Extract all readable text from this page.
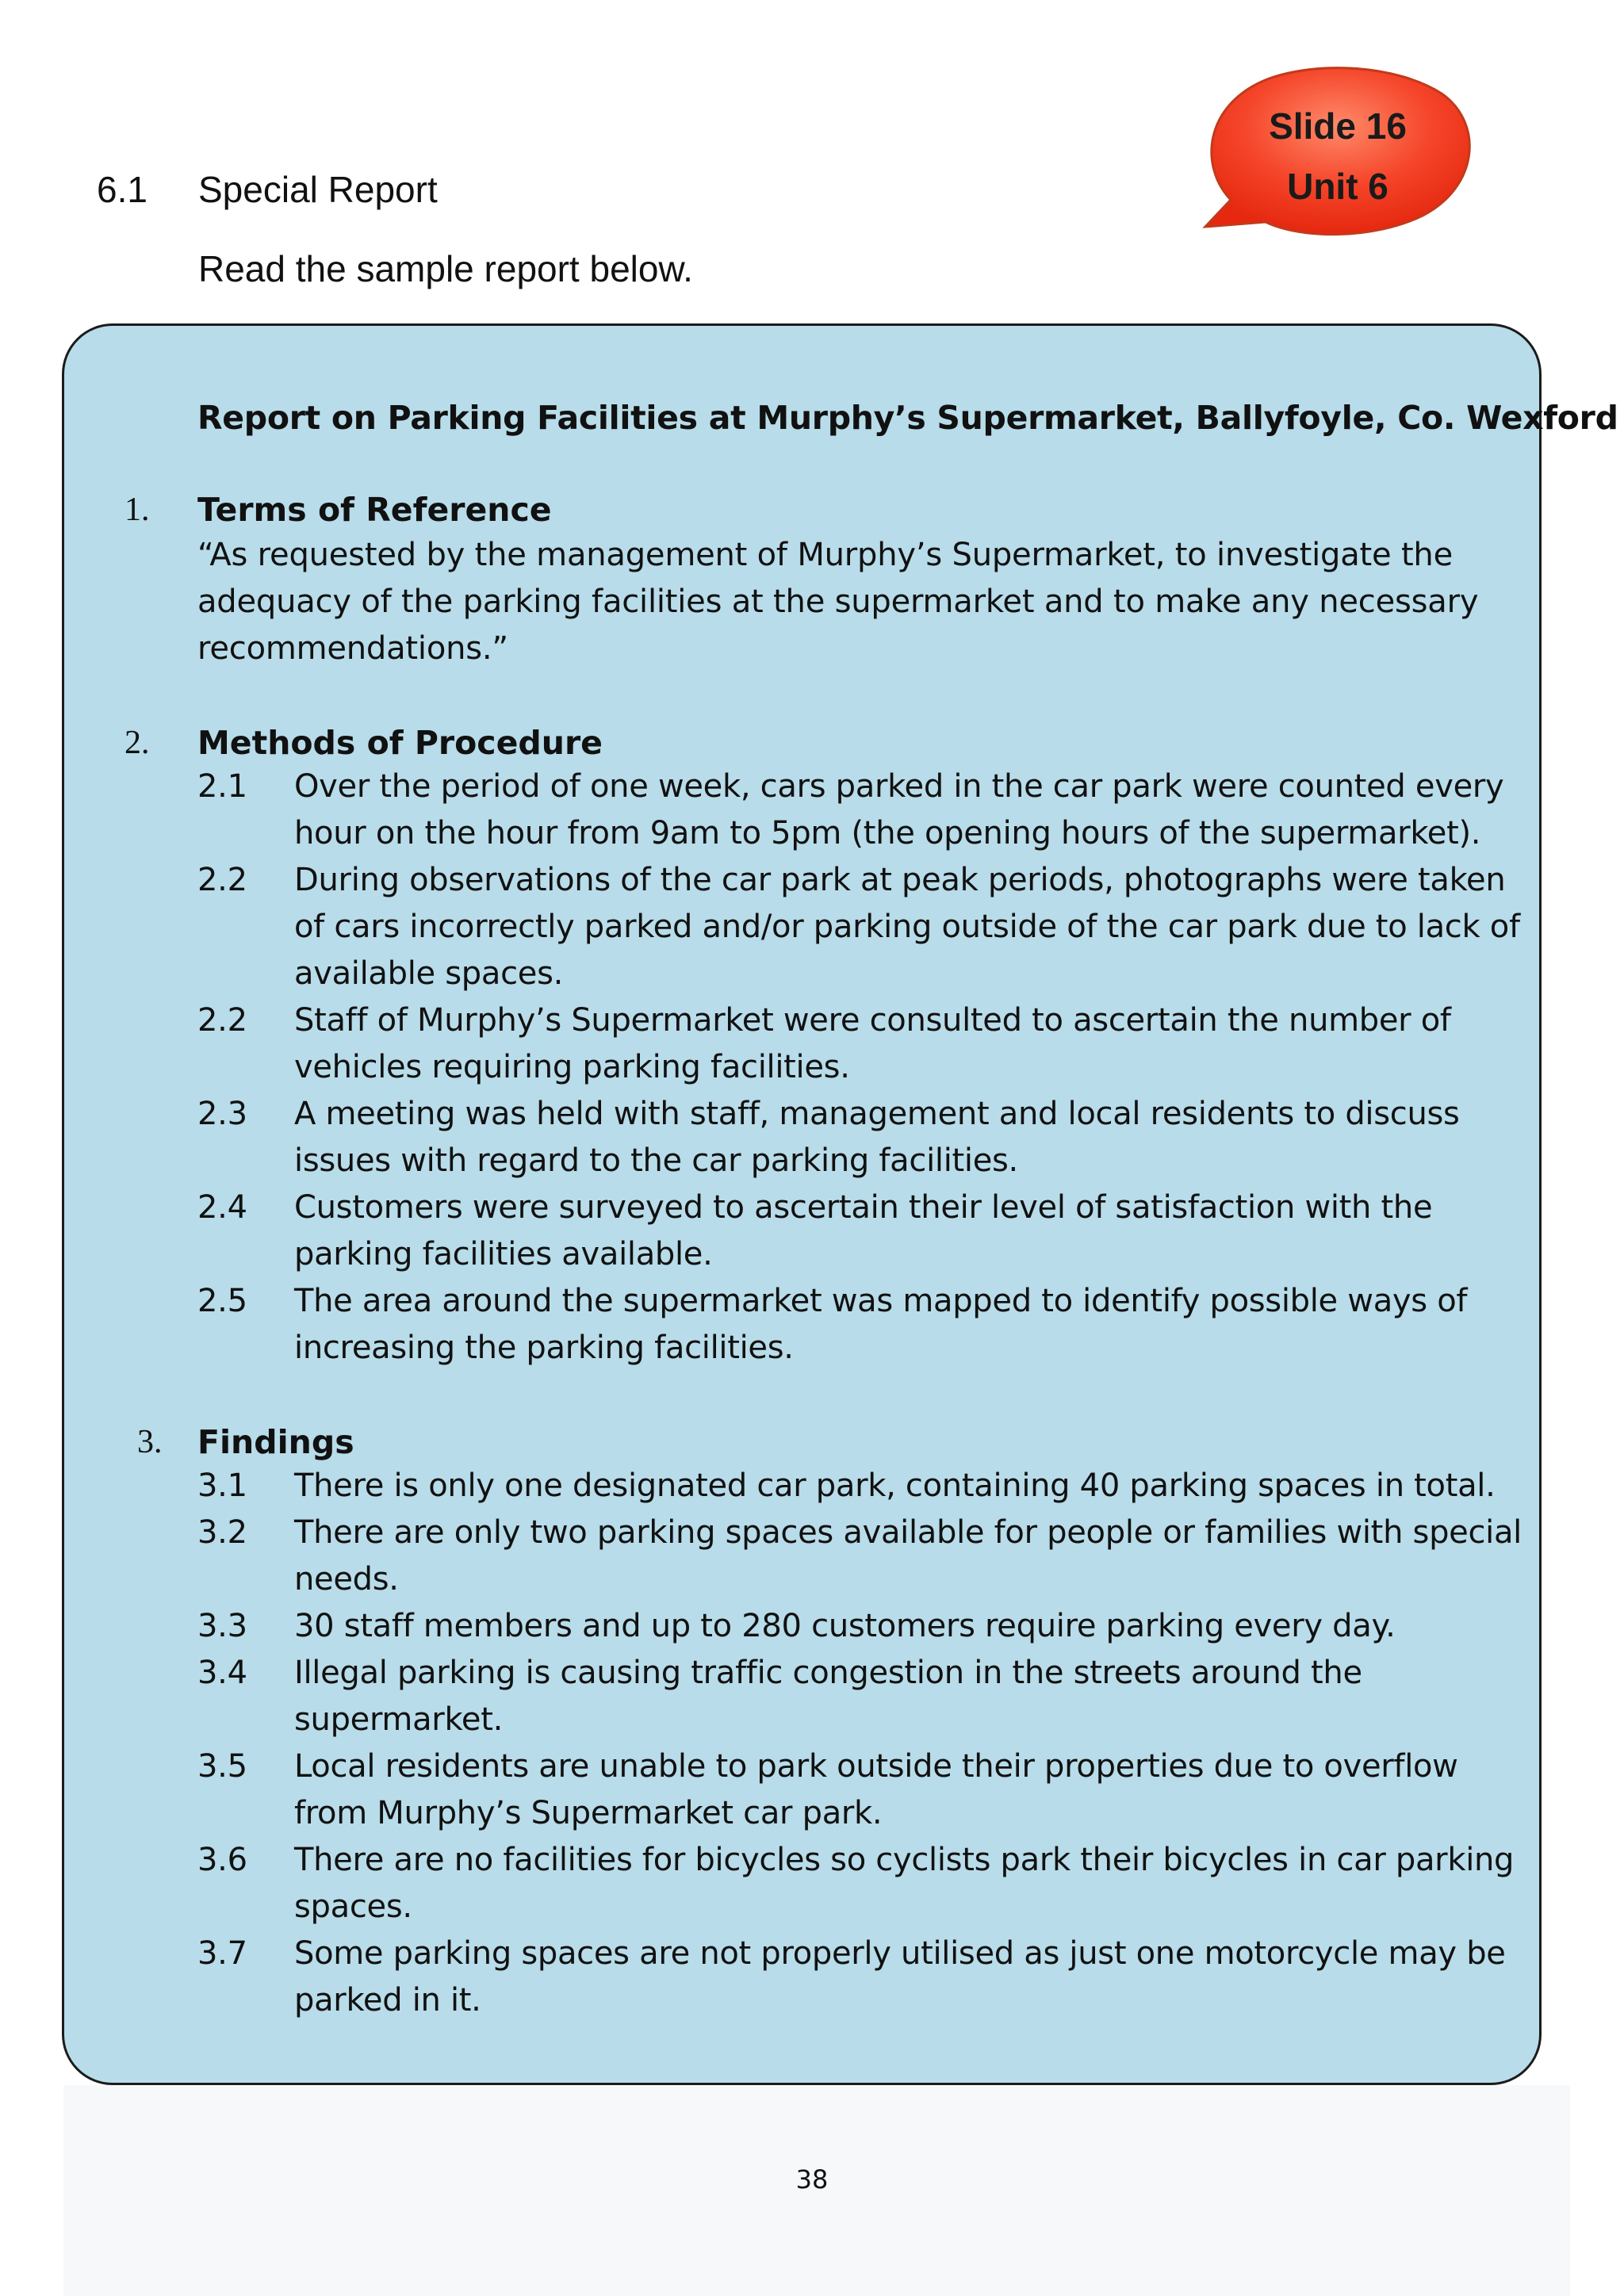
6.1 Special Report
Read the sample report below.
Slide 16
Unit 6
Report on Parking Facilities at Murphy’s Supermarket, Ballyfoyle, Co. Wexford
1. Terms of Reference
“As requested by the management of Murphy’s Supermarket, to investigate the adequacy of the parking facilities at the supermarket and to make any necessary recommendations.”
2. Methods of Procedure
2.1 Over the period of one week, cars parked in the car park were counted every hour on the hour from 9am to 5pm (the opening hours of the supermarket).
2.2 During observations of the car park at peak periods, photographs were taken of cars incorrectly parked and/or parking outside of the car park due to lack of available spaces.
2.2 Staff of Murphy’s Supermarket were consulted to ascertain the number of vehicles requiring parking facilities.
2.3 A meeting was held with staff, management and local residents to discuss issues with regard to the car parking facilities.
2.4 Customers were surveyed to ascertain their level of satisfaction with the parking facilities available.
2.5 The area around the supermarket was mapped to identify possible ways of increasing the parking facilities.
3. Findings
3.1 There is only one designated car park, containing 40 parking spaces in total.
3.2 There are only two parking spaces available for people or families with special needs.
3.3 30 staff members and up to 280 customers require parking every day.
3.4 Illegal parking is causing traffic congestion in the streets around the supermarket.
3.5 Local residents are unable to park outside their properties due to overflow from Murphy’s Supermarket car park.
3.6 There are no facilities for bicycles so cyclists park their bicycles in car parking spaces.
3.7 Some parking spaces are not properly utilised as just one motorcycle may be parked in it.
38
